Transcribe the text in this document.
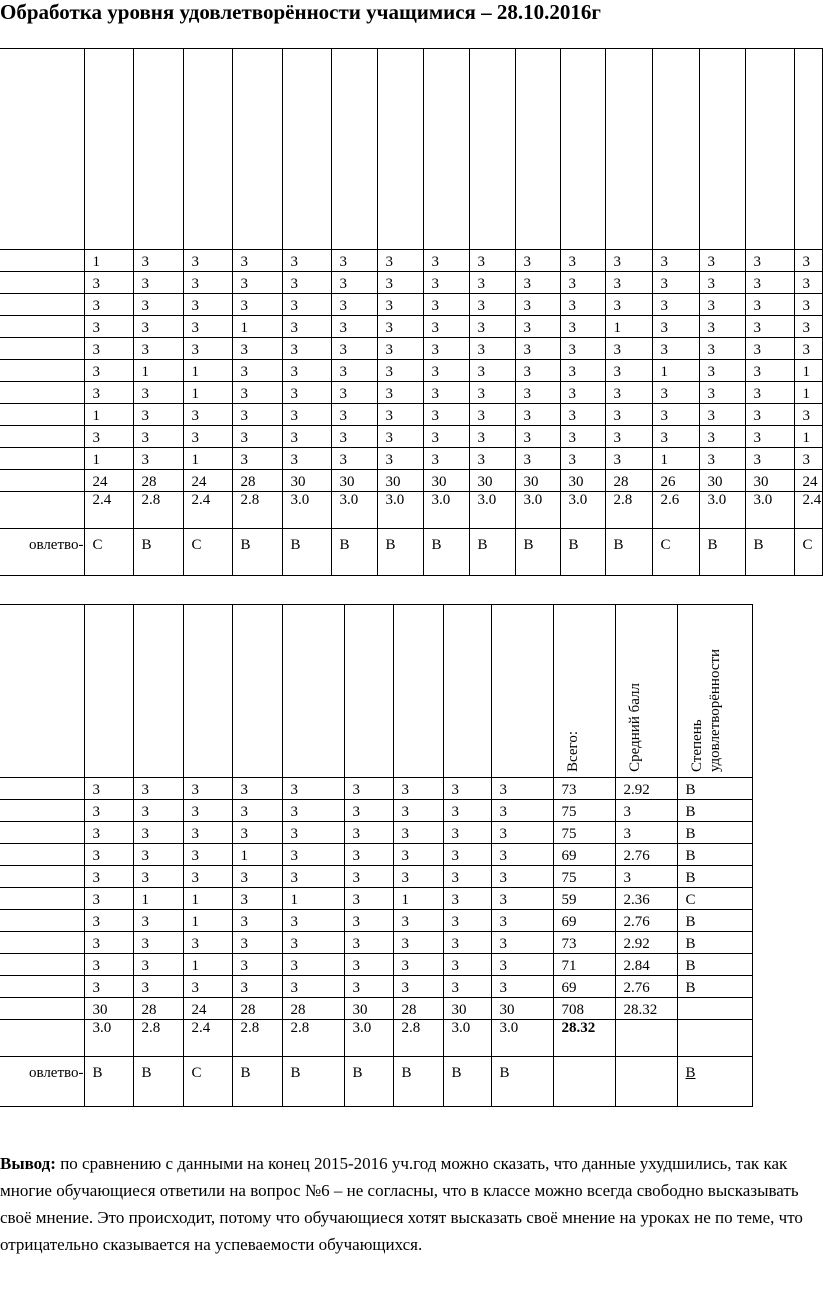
Обработка уровня удовлетворённости учащимися – 28.10.2016г

	1	3	3	3	3	3	3	3	3	3	3	3	3	3	3	3
	3	3	3	3	3	3	3	3	3	3	3	3	3	3	3	3
	3	3	3	3	3	3	3	3	3	3	3	3	3	3	3	3
	3	3	3	1	3	3	3	3	3	3	3	1	3	3	3	3
	3	3	3	3	3	3	3	3	3	3	3	3	3	3	3	3
	3	1	1	3	3	3	3	3	3	3	3	3	1	3	3	1
	3	3	1	3	3	3	3	3	3	3	3	3	3	3	3	1
	1	3	3	3	3	3	3	3	3	3	3	3	3	3	3	3
	3	3	3	3	3	3	3	3	3	3	3	3	3	3	3	1
	1	3	1	3	3	3	3	3	3	3	3	3	1	3	3	3
	24	28	24	28	30	30	30	30	30	30	30	28	26	30	30	24
	2.4	2.8	2.4	2.8	3.0	3.0	3.0	3.0	3.0	3.0	3.0	2.8	2.6	3.0	3.0	2.4
овлетво-	С	В	С	В	В	В	В	В	В	В	В	В	С	В	В	С
										Всего:	Средний балл	Степень удовлетворённости
	3	3	3	3	3	3	3	3	3	73	2.92	В
	3	3	3	3	3	3	3	3	3	75	3	В
	3	3	3	3	3	3	3	3	3	75	3	В
	3	3	3	1	3	3	3	3	3	69	2.76	В
	3	3	3	3	3	3	3	3	3	75	3	В
	3	1	1	3	1	3	1	3	3	59	2.36	С
	3	3	1	3	3	3	3	3	3	69	2.76	В
	3	3	3	3	3	3	3	3	3	73	2.92	В
	3	3	1	3	3	3	3	3	3	71	2.84	В
	3	3	3	3	3	3	3	3	3	69	2.76	В
	30	28	24	28	28	30	28	30	30	708	28.32	
	3.0	2.8	2.4	2.8	2.8	3.0	2.8	3.0	3.0	28.32		
овлетво-	В	В	С	В	В	В	В	В	В			В

Вывод: по сравнению с данными на конец 2015-2016 уч.год можно сказать, что данные ухудшились, так как многие обучающиеся ответили на вопрос №6 – не согласны, что в классе можно всегда свободно высказывать своё мнение. Это происходит, потому что обучающиеся хотят высказать своё мнение на уроках не по теме, что отрицательно сказывается на успеваемости обучающихся.
